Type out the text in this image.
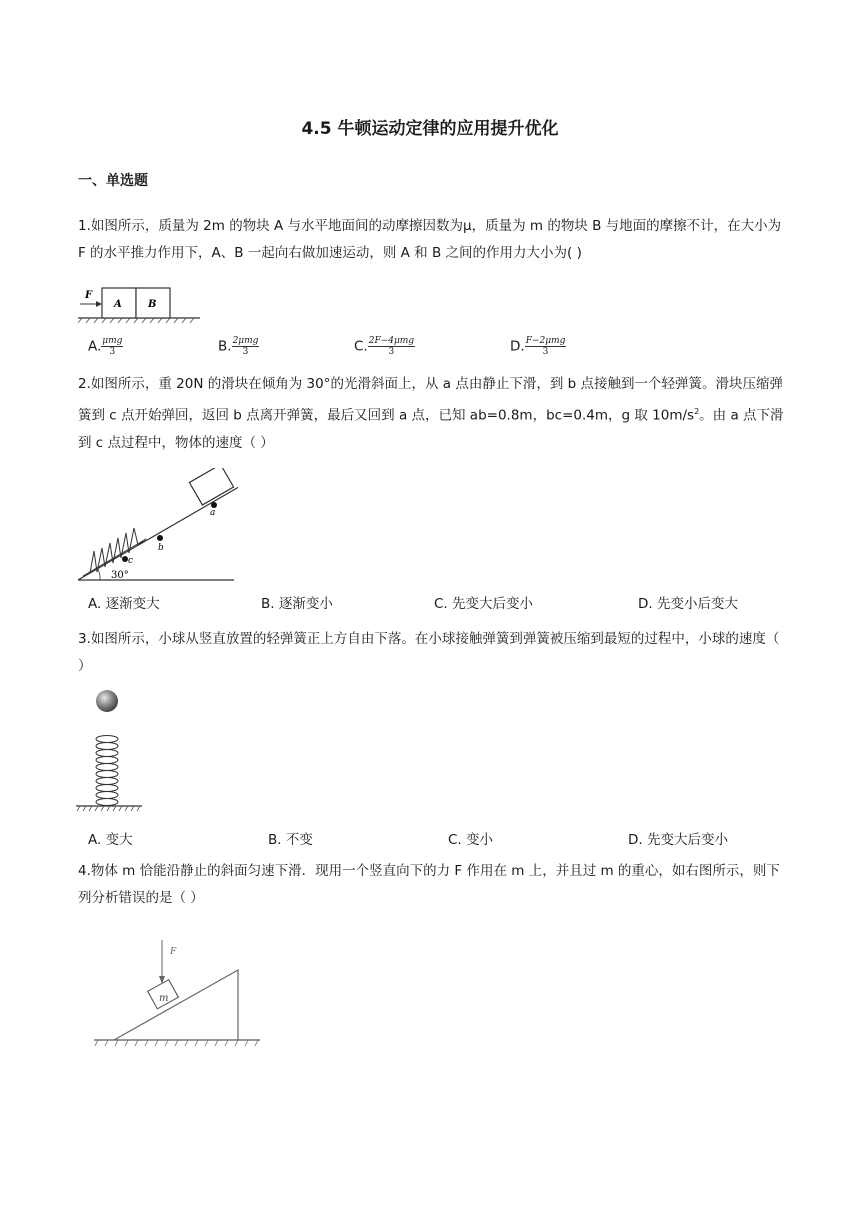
4.5 牛顿运动定律的应用提升优化
一、单选题
1.如图所示，质量为 2m 的物块 A 与水平地面间的动摩擦因数为μ，质量为 m 的物块 B 与地面的摩擦不计，在大小为 F 的水平推力作用下，A、B 一起向右做加速运动，则 A 和 B 之间的作用力大小为( )
F
A	B
A. $\frac{\text{μmg}}{3}$	B. $\frac{\text{2μmg}}{3}$	C. $\frac{\text{2F−4μmg}}{3}$	D. $\frac{\text{F−2μmg}}{3}$
2.如图所示，重 20N 的滑块在倾角为 30°的光滑斜面上，从 a 点由静止下滑，到 b 点接触到一个轻弹簧。滑块压缩弹簧到 c 点开始弹回，返回 b 点离开弹簧，最后又回到 a 点，已知 ab=0.8m，bc=0.4m，g 取 $10m/s^2$。由 a 点下滑到 c 点过程中，物体的速度（ ）
c
b
a
30°
A. 逐渐变大	B. 逐渐变小	C. 先变大后变小	D. 先变小后变大
3.如图所示，小球从竖直放置的轻弹簧正上方自由下落。在小球接触弹簧到弹簧被压缩到最短的过程中，小球的速度（ ）
A. 变大	B. 不变	C. 变小	D. 先变大后变小
4.物体 m 恰能沿静止的斜面匀速下滑．现用一个竖直向下的力 F 作用在 m 上，并且过 m 的重心，如右图所示，则下列分析错误的是（ ）
m
F
